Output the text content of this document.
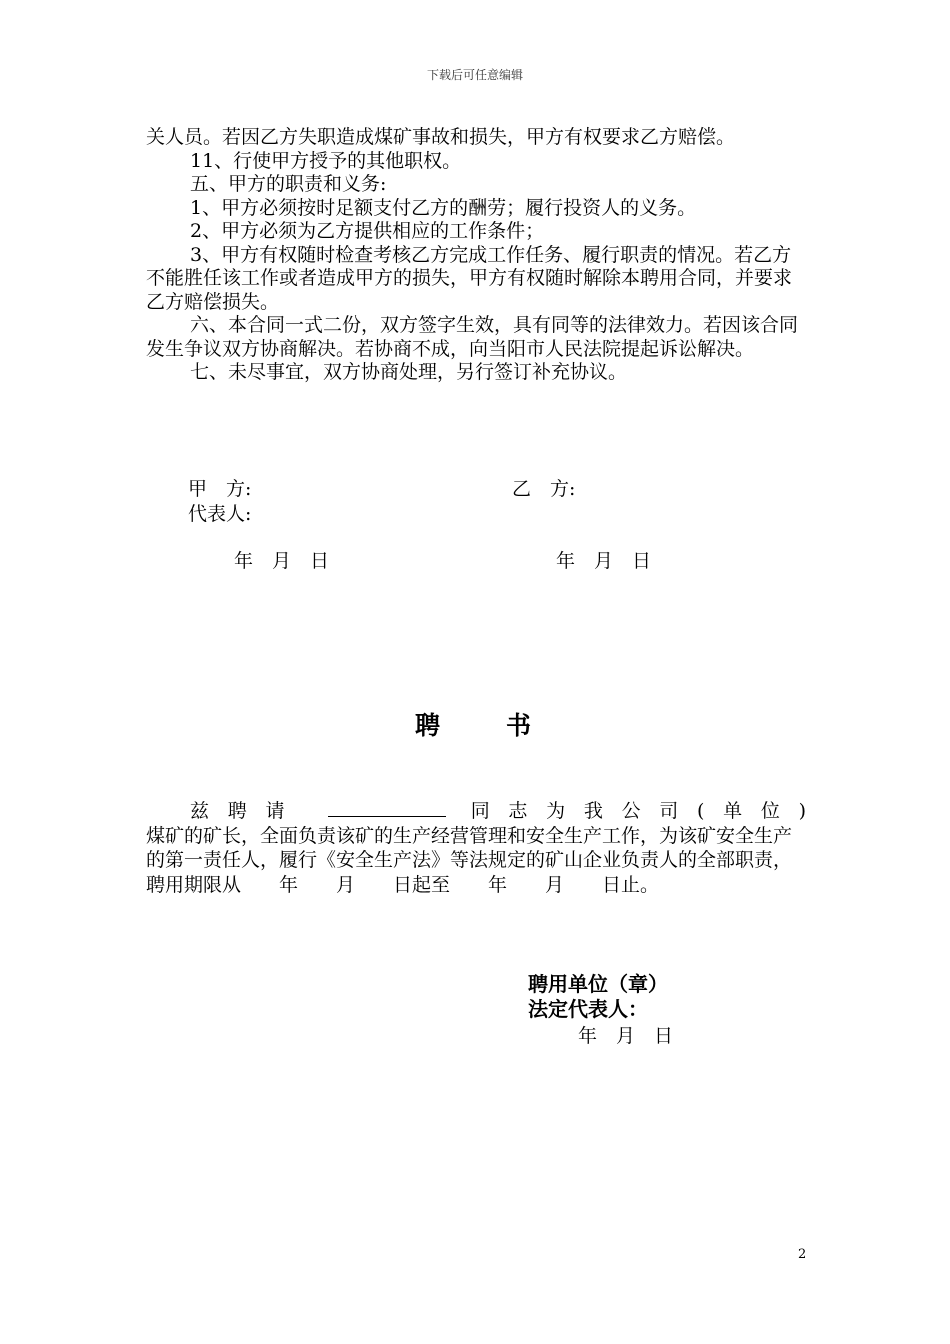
下载后可任意编辑

关人员。若因乙方失职造成煤矿事故和损失，甲方有权要求乙方赔偿。

11、行使甲方授予的其他职权。

五、甲方的职责和义务:

1、甲方必须按时足额支付乙方的酬劳；履行投资人的义务。

2、甲方必须为乙方提供相应的工作条件；

3、甲方有权随时检查考核乙方完成工作任务、履行职责的情况。若乙方不能胜任该工作或者造成甲方的损失，甲方有权随时解除本聘用合同，并要求乙方赔偿损失。

六、本合同一式二份，双方签字生效，具有同等的法律效力。若因该合同发生争议双方协商解决。若协商不成，向当阳市人民法院提起诉讼解决。

七、未尽事宜，双方协商处理，另行签订补充协议。

甲　方:	乙　方:
代表人:
年　月　日	年　月　日
聘 书

兹聘请	同志为我公司(单位)

煤矿的矿长，全面负责该矿的生产经营管理和安全生产工作，为该矿安全生产的第一责任人，履行《安全生产法》等法规定的矿山企业负责人的全部职责，聘用期限从　　年　　月　　日起至　　年　　月　　日止。

聘用单位（章）
法定代表人：
年　月　日
2
